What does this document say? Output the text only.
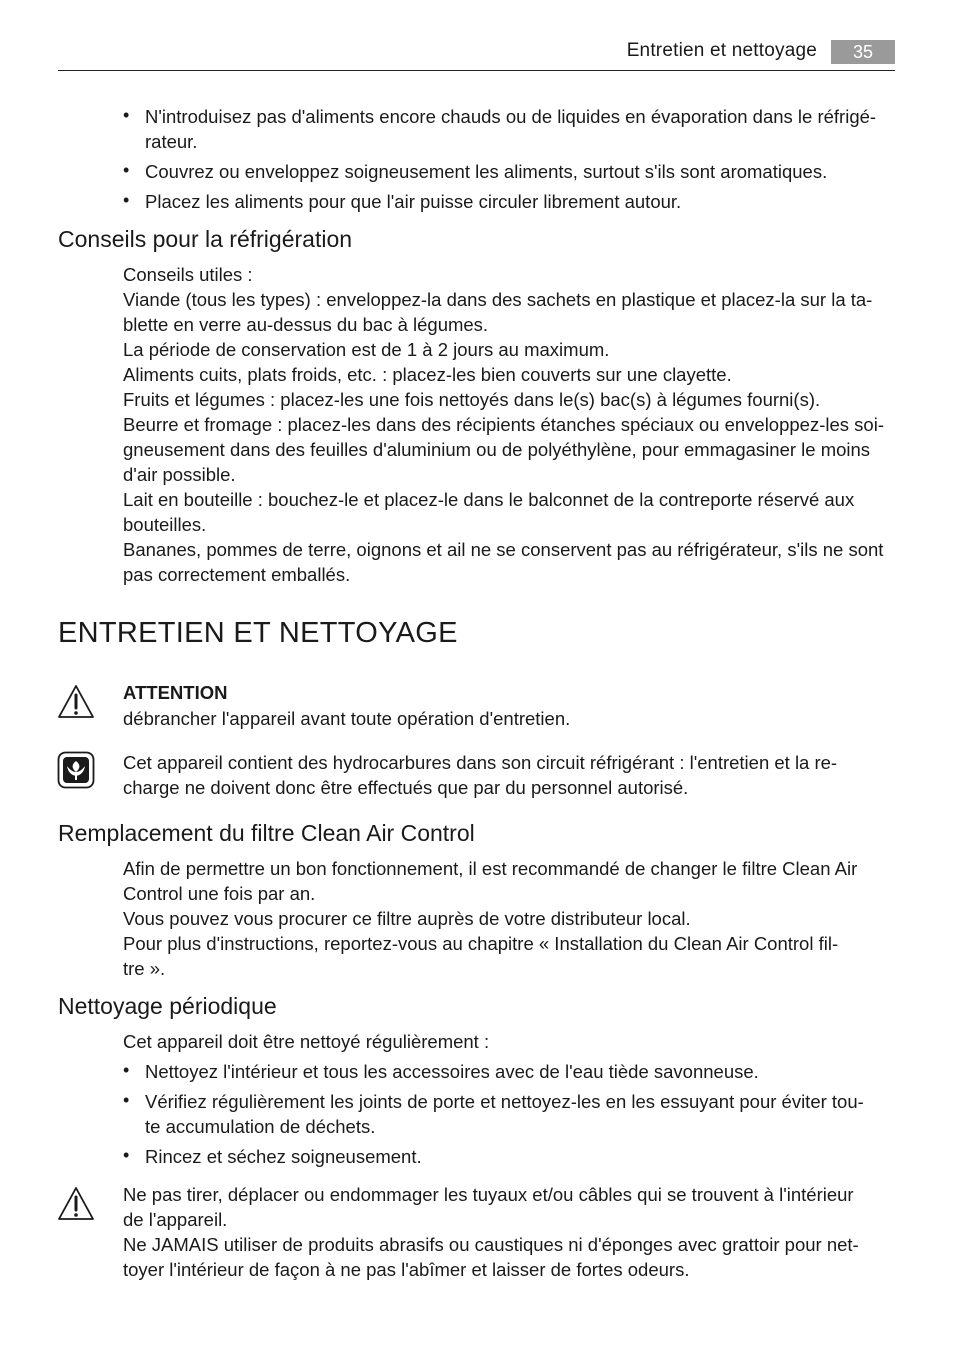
Entretien et nettoyage	35
• N'introduisez pas d'aliments encore chauds ou de liquides en évaporation dans le réfrigé-
rateur.
• Couvrez ou enveloppez soigneusement les aliments, surtout s'ils sont aromatiques.
• Placez les aliments pour que l'air puisse circuler librement autour.
Conseils pour la réfrigération
Conseils utiles :
Viande (tous les types) : enveloppez-la dans des sachets en plastique et placez-la sur la ta-
blette en verre au-dessus du bac à légumes.
La période de conservation est de 1 à 2 jours au maximum.
Aliments cuits, plats froids, etc. : placez-les bien couverts sur une clayette.
Fruits et légumes : placez-les une fois nettoyés dans le(s) bac(s) à légumes fourni(s).
Beurre et fromage : placez-les dans des récipients étanches spéciaux ou enveloppez-les soi-
gneusement dans des feuilles d'aluminium ou de polyéthylène, pour emmagasiner le moins
d'air possible.
Lait en bouteille : bouchez-le et placez-le dans le balconnet de la contreporte réservé aux
bouteilles.
Bananes, pommes de terre, oignons et ail ne se conservent pas au réfrigérateur, s'ils ne sont
pas correctement emballés.
ENTRETIEN ET NETTOYAGE
ATTENTION
débrancher l'appareil avant toute opération d'entretien.
Cet appareil contient des hydrocarbures dans son circuit réfrigérant : l'entretien et la re-
charge ne doivent donc être effectués que par du personnel autorisé.
Remplacement du filtre Clean Air Control
Afin de permettre un bon fonctionnement, il est recommandé de changer le filtre Clean Air
Control une fois par an.
Vous pouvez vous procurer ce filtre auprès de votre distributeur local.
Pour plus d'instructions, reportez-vous au chapitre « Installation du Clean Air Control fil-
tre ».
Nettoyage périodique
Cet appareil doit être nettoyé régulièrement :
• Nettoyez l'intérieur et tous les accessoires avec de l'eau tiède savonneuse.
• Vérifiez régulièrement les joints de porte et nettoyez-les en les essuyant pour éviter tou-
te accumulation de déchets.
• Rincez et séchez soigneusement.
Ne pas tirer, déplacer ou endommager les tuyaux et/ou câbles qui se trouvent à l'intérieur
de l'appareil.
Ne JAMAIS utiliser de produits abrasifs ou caustiques ni d'éponges avec grattoir pour net-
toyer l'intérieur de façon à ne pas l'abîmer et laisser de fortes odeurs.
